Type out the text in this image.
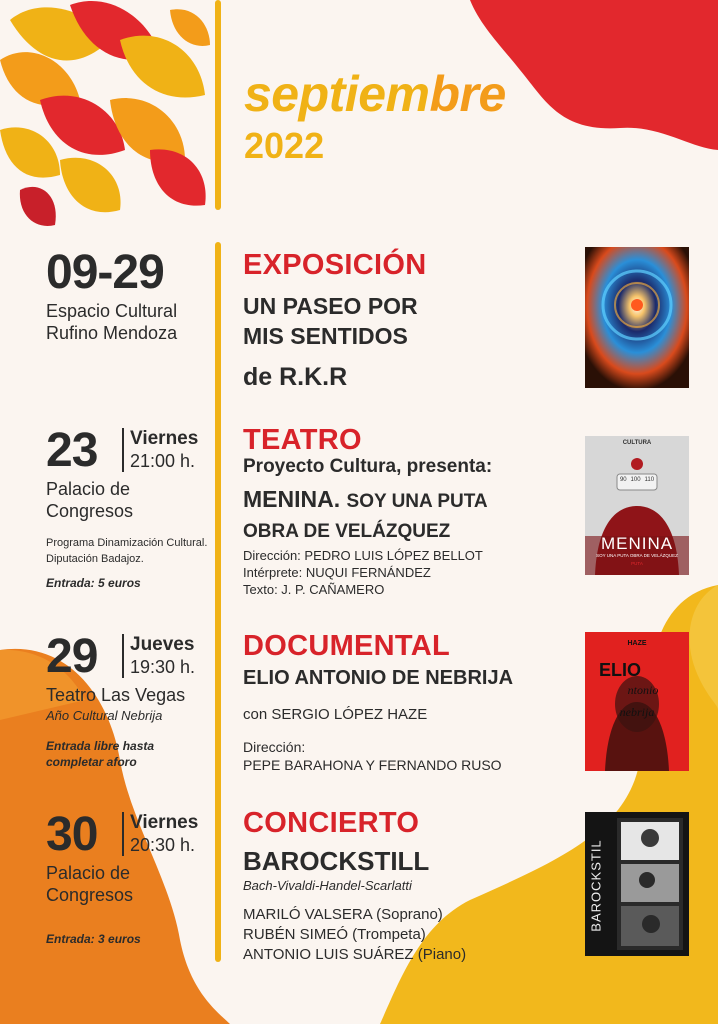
septiembre
2022
09-29
Espacio Cultural
Rufino Mendoza
EXPOSICIÓN
UN PASEO POR
MIS SENTIDOS
de R.K.R
23 Viernes
21:00 h.
Palacio de
Congresos
Programa Dinamización Cultural.
Diputación Badajoz.
Entrada: 5 euros
TEATRO
Proyecto Cultura, presenta:
MENINA. SOY UNA PUTA
OBRA DE VELÁZQUEZ
Dirección: PEDRO LUIS LÓPEZ BELLOT
Intérprete: NUQUI FERNÁNDEZ
Texto: J. P. CAÑAMERO
CULTURA
90 100 110
MENINA
SOY UNA PUTA OBRA DE VELÁZQUEZ
PUTA
29 Jueves
19:30 h.
Teatro Las Vegas
Año Cultural Nebrija
Entrada libre hasta
completar aforo
DOCUMENTAL
ELIO ANTONIO DE NEBRIJA
con SERGIO LÓPEZ HAZE
Dirección:
PEPE BARAHONA Y FERNANDO RUSO
ntonio
nebrija
HAZE
ELIO
30 Viernes
20:30 h.
Palacio de
Congresos
Entrada: 3 euros
CONCIERTO
BAROCKSTILL
Bach-Vivaldi-Handel-Scarlatti
MARILÓ VALSERA (Soprano)
RUBÉN SIMEÓ (Trompeta)
ANTONIO LUIS SUÁREZ (Piano)
BAROCKSTIL
